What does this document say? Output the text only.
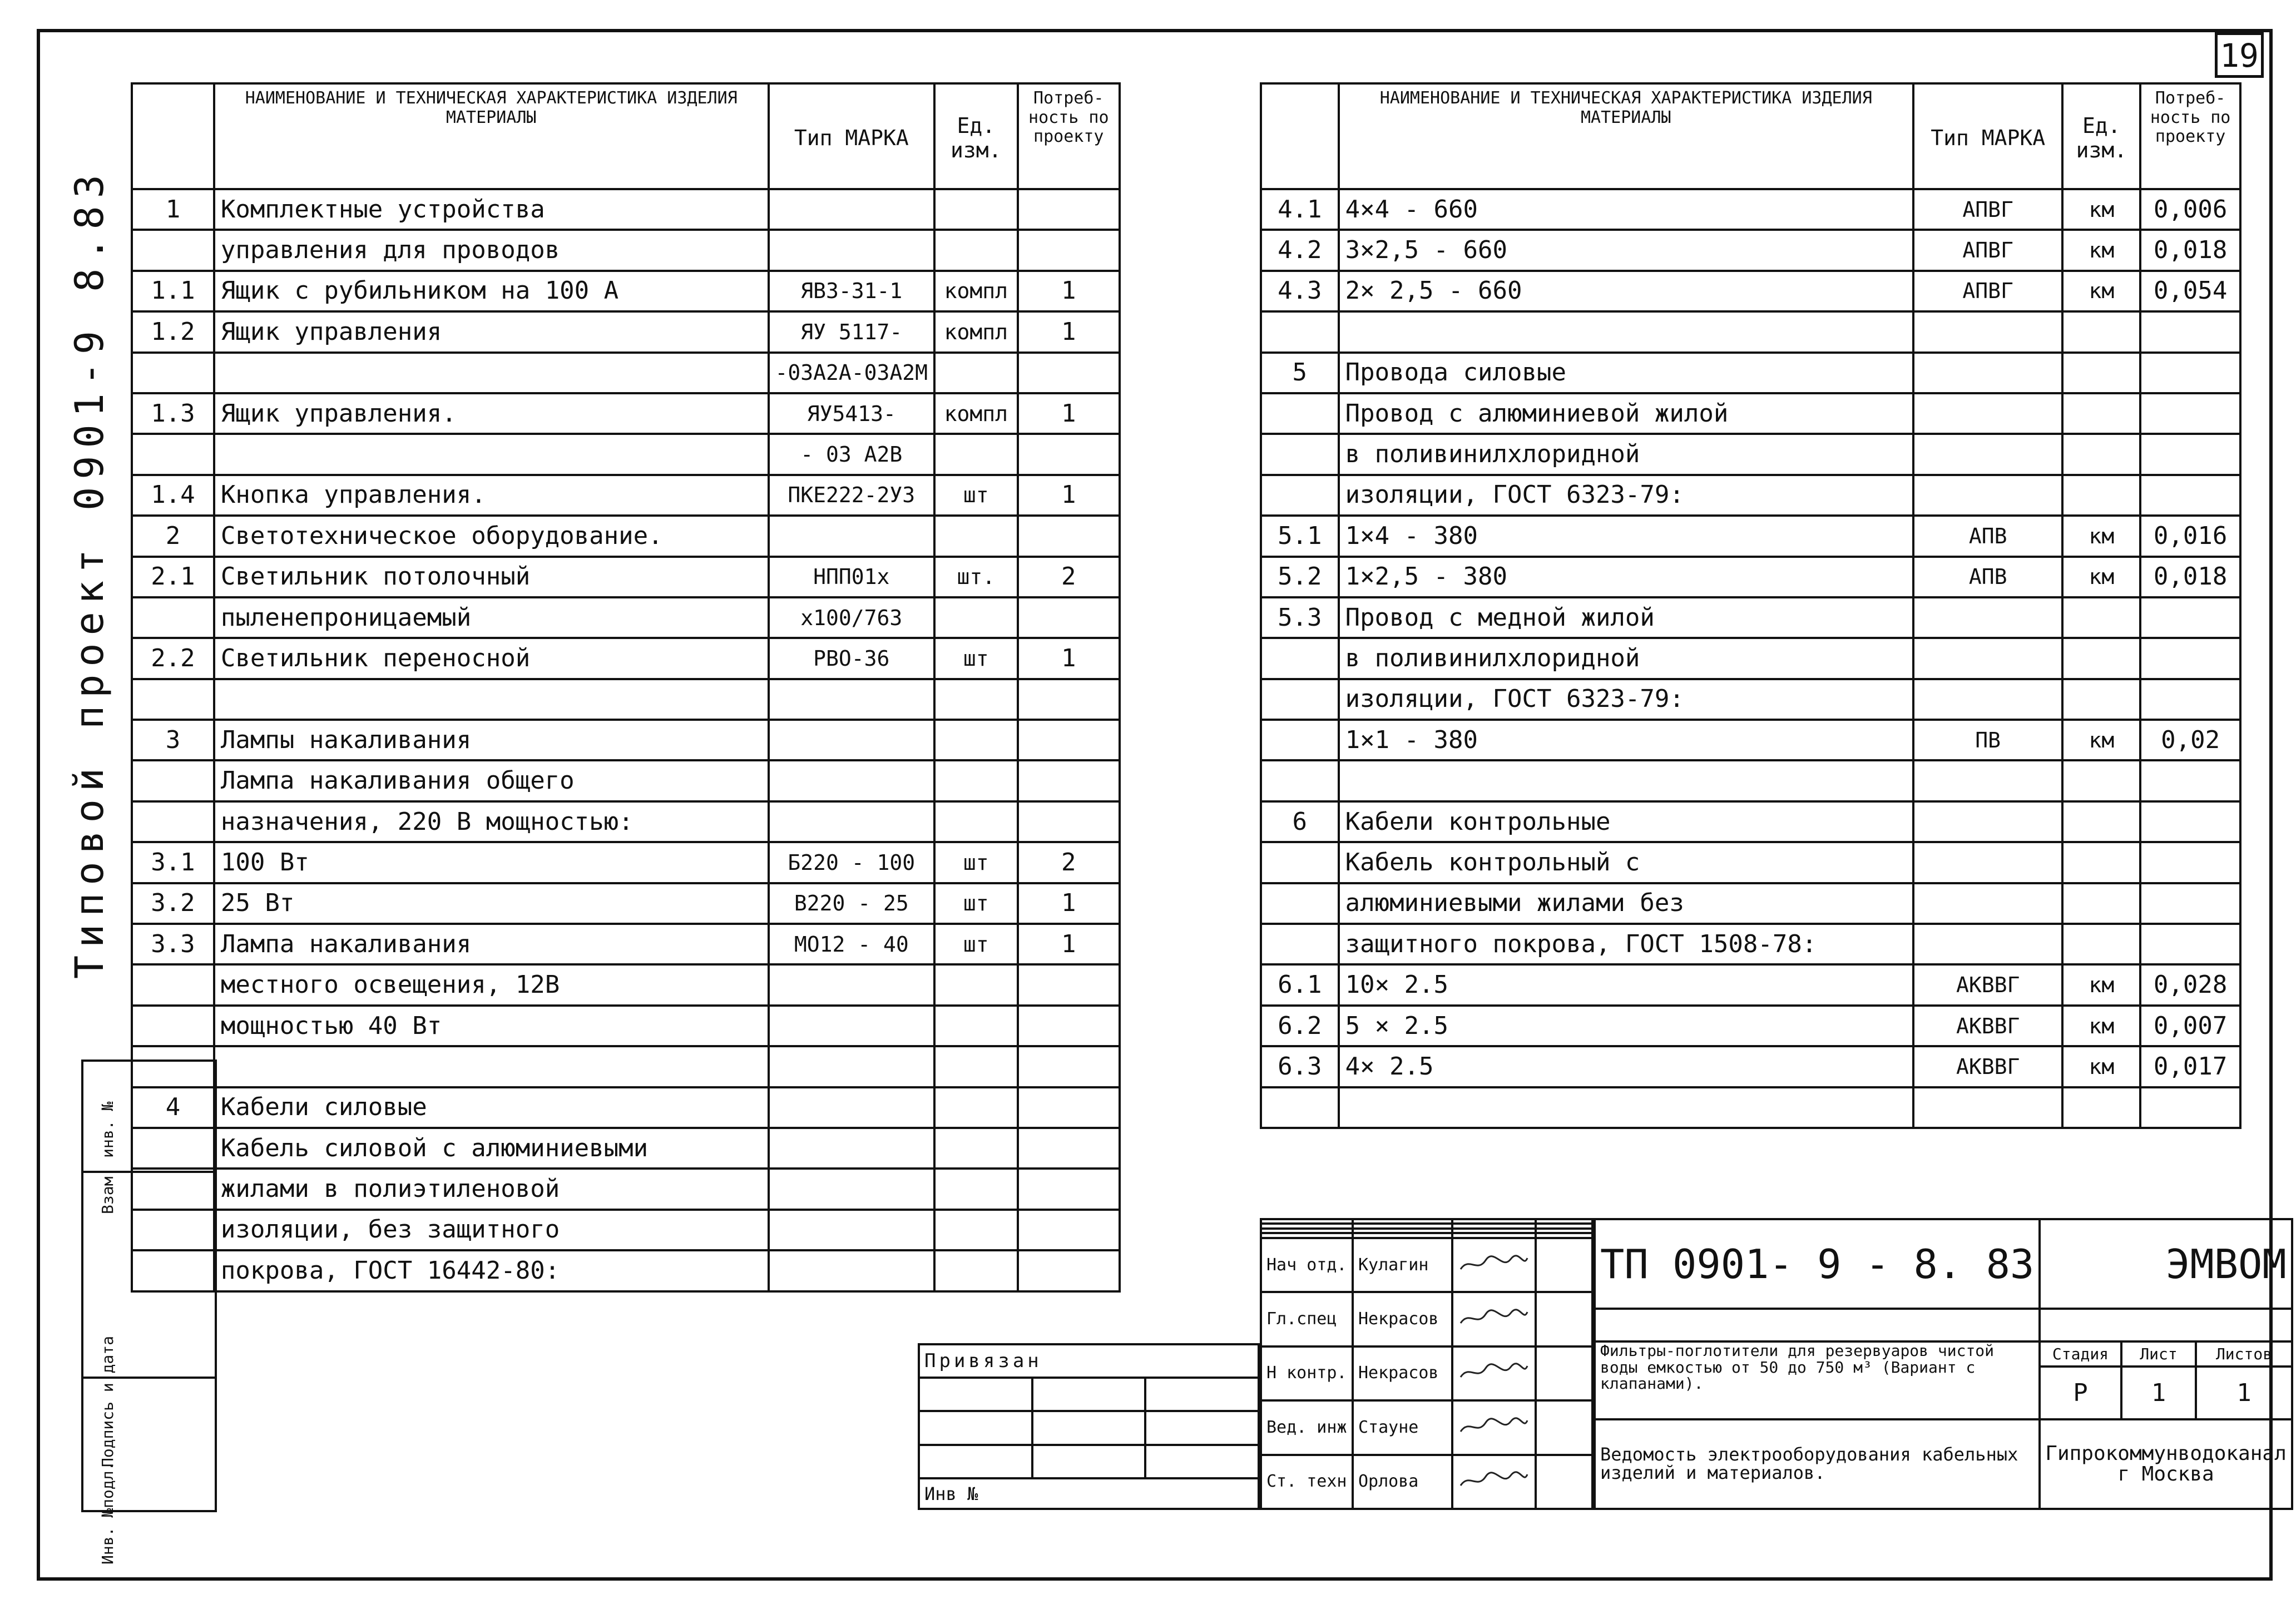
19
Типовой проект 0901-9 8.83
Взам. инв. №

Подпись и дата

Инв. №подл.
	НАИМЕНОВАНИЕ И ТЕХНИЧЕСКАЯ ХАРАКТЕРИСТИКА ИЗДЕЛИЯ МАТЕРИАЛЫ	Тип МАРКА	Ед. изм.	Потреб-ность по проекту
1	Комплектные устройства			
	управления для проводов			
1.1	Ящик с рубильником на 100 А	ЯВЗ-31-1	компл	1
1.2	Ящик управления	ЯУ 5117-	компл	1
		-03А2А-03А2М		
1.3	Ящик управления.	ЯУ5413-	компл	1
		- 03 А2В		
1.4	Кнопка управления.	ПКЕ222-2У3	шт	1
2	Светотехническое оборудование.			
2.1	Светильник потолочный	НПП01х	шт.	2
	пыленепроницаемый	х100/763		
2.2	Светильник переносной	РВО-36	шт	1

3	Лампы накаливания			
	Лампа накаливания общего			
	назначения, 220 В мощностью:			
3.1	100 Вт	Б220 - 100	шт	2
3.2	25 Вт	В220 - 25	шт	1
3.3	Лампа накаливания	МО12 - 40	шт	1
	местного освещения, 12В			
	мощностью 40 Вт			

4	Кабели силовые			
	Кабель силовой с алюминиевыми			
	жилами в полиэтиленовой			
	изоляции, без защитного			
	покрова, ГОСТ 16442-80:			

	НАИМЕНОВАНИЕ И ТЕХНИЧЕСКАЯ ХАРАКТЕРИСТИКА ИЗДЕЛИЯ МАТЕРИАЛЫ	Тип МАРКА	Ед. изм.	Потреб-ность по проекту
4.1	4×4 - 660	АПВГ	км	0,006
4.2	3×2,5 - 660	АПВГ	км	0,018
4.3	2× 2,5 - 660	АПВГ	км	0,054

5	Провода силовые			
	Провод с алюминиевой жилой			
	в поливинилхлоридной			
	изоляции, ГОСТ 6323-79:			
5.1	1×4 - 380	АПВ	км	0,016
5.2	1×2,5 - 380	АПВ	км	0,018
5.3	Провод с медной жилой			
	в поливинилхлоридной			
	изоляции, ГОСТ 6323-79:			
	1×1 - 380	ПВ	км	0,02

6	Кабели контрольные			
	Кабель контрольный с			
	алюминиевыми жилами без			
	защитного покрова, ГОСТ 1508-78:			
6.1	10× 2.5	АКВВГ	км	0,028
6.2	5 × 2.5	АКВВГ	км	0,007
6.3	4× 2.5	АКВВГ	км	0,017

Привязан		

Инв №		

Нач отд.	Кулагин		
Гл.спец	Некрасов		
Н контр.	Некрасов		
Вед. инж	Стауне		
Ст. техн	Орлова		
ТП 0901- 9 - 8. 83	ЭМВОМ		

Фильтры-поглотители для резервуаров чистой воды емкостью от 50 до 750 м³ (Вариант с клапанами).	Стадия	Лист	Листов
	Р	1	1
Ведомость электрооборудования кабельных изделий и материалов.	Гипрокоммунводоканал г Москва		
